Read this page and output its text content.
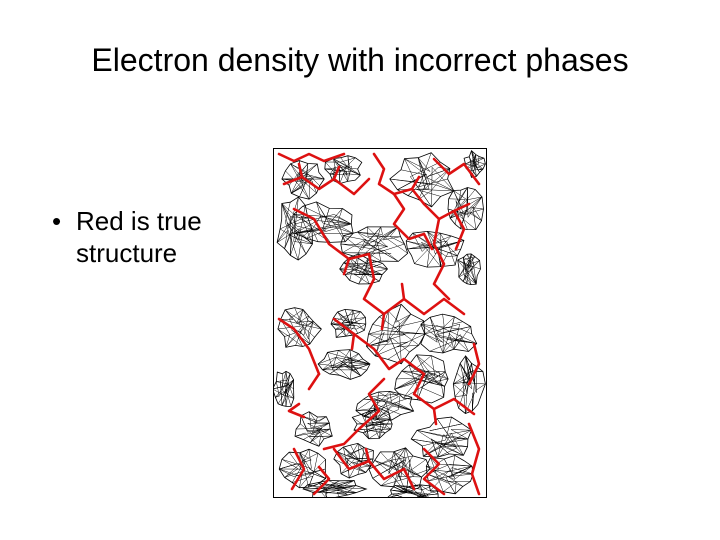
Electron density with incorrect phases
• Red is true structure
